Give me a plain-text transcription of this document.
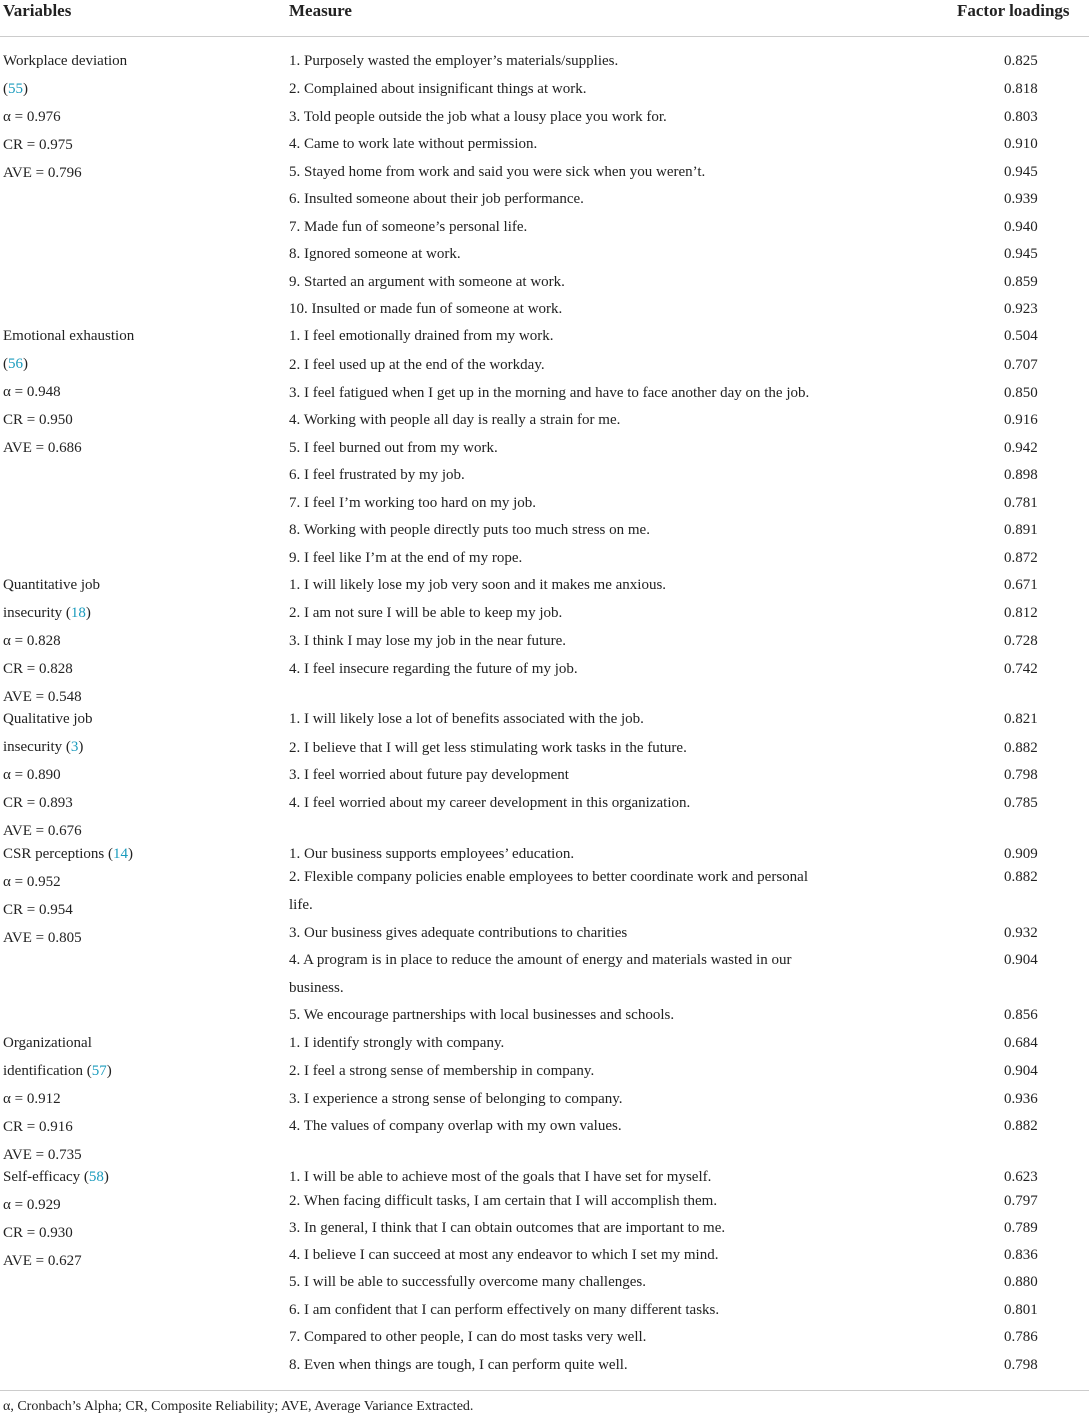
Variables	Measure	Factor loadings
Workplace deviation
(55)
α = 0.976
CR = 0.975
AVE = 0.796
1. Purposely wasted the employer’s materials/supplies.	0.825
2. Complained about insignificant things at work.	0.818
3. Told people outside the job what a lousy place you work for.	0.803
4. Came to work late without permission.	0.910
5. Stayed home from work and said you were sick when you weren’t.	0.945
6. Insulted someone about their job performance.	0.939
7. Made fun of someone’s personal life.	0.940
8. Ignored someone at work.	0.945
9. Started an argument with someone at work.	0.859
10. Insulted or made fun of someone at work.	0.923
Emotional exhaustion
(56)
α = 0.948
CR = 0.950
AVE = 0.686
1. I feel emotionally drained from my work.	0.504
2. I feel used up at the end of the workday.	0.707
3. I feel fatigued when I get up in the morning and have to face another day on the job.	0.850
4. Working with people all day is really a strain for me.	0.916
5. I feel burned out from my work.	0.942
6. I feel frustrated by my job.	0.898
7. I feel I’m working too hard on my job.	0.781
8. Working with people directly puts too much stress on me.	0.891
9. I feel like I’m at the end of my rope.	0.872
Quantitative job
insecurity (18)
α = 0.828
CR = 0.828
AVE = 0.548
1. I will likely lose my job very soon and it makes me anxious.	0.671
2. I am not sure I will be able to keep my job.	0.812
3. I think I may lose my job in the near future.	0.728
4. I feel insecure regarding the future of my job.	0.742
Qualitative job
insecurity (3)
α = 0.890
CR = 0.893
AVE = 0.676
1. I will likely lose a lot of benefits associated with the job.	0.821
2. I believe that I will get less stimulating work tasks in the future.	0.882
3. I feel worried about future pay development	0.798
4. I feel worried about my career development in this organization.	0.785
CSR perceptions (14)
α = 0.952
CR = 0.954
AVE = 0.805
1. Our business supports employees’ education.	0.909
2. Flexible company policies enable employees to better coordinate work and personal
life.
0.882
3. Our business gives adequate contributions to charities	0.932
4. A program is in place to reduce the amount of energy and materials wasted in our
business.
0.904
5. We encourage partnerships with local businesses and schools.	0.856
Organizational
identification (57)
α = 0.912
CR = 0.916
AVE = 0.735
1. I identify strongly with company.	0.684
2. I feel a strong sense of membership in company.	0.904
3. I experience a strong sense of belonging to company.	0.936
4. The values of company overlap with my own values.	0.882
Self-efficacy (58)
α = 0.929
CR = 0.930
AVE = 0.627
1. I will be able to achieve most of the goals that I have set for myself.	0.623
2. When facing difficult tasks, I am certain that I will accomplish them.	0.797
3. In general, I think that I can obtain outcomes that are important to me.	0.789
4. I believe I can succeed at most any endeavor to which I set my mind.	0.836
5. I will be able to successfully overcome many challenges.	0.880
6. I am confident that I can perform effectively on many different tasks.	0.801
7. Compared to other people, I can do most tasks very well.	0.786
8. Even when things are tough, I can perform quite well.	0.798
α, Cronbach’s Alpha; CR, Composite Reliability; AVE, Average Variance Extracted.
